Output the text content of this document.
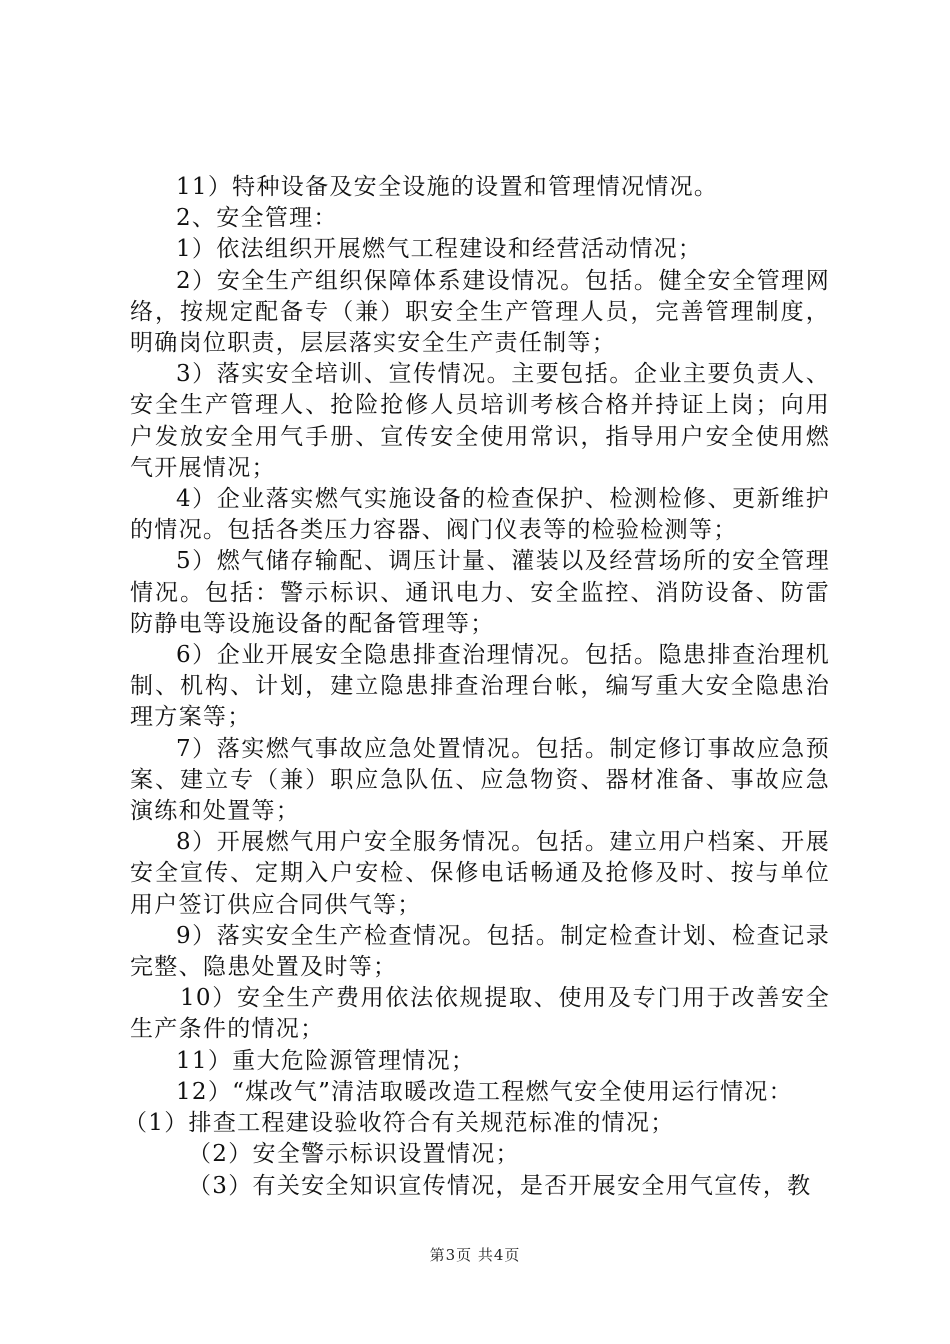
11）特种设备及安全设施的设置和管理情况情况。

2、安全管理：

1）依法组织开展燃气工程建设和经营活动情况；

2）安全生产组织保障体系建设情况。包括。健全安全管理网络，按规定配备专（兼）职安全生产管理人员，完善管理制度，明确岗位职责，层层落实安全生产责任制等；

3）落实安全培训、宣传情况。主要包括。企业主要负责人、安全生产管理人、抢险抢修人员培训考核合格并持证上岗；向用户发放安全用气手册、宣传安全使用常识，指导用户安全使用燃气开展情况；

4）企业落实燃气实施设备的检查保护、检测检修、更新维护的情况。包括各类压力容器、阀门仪表等的检验检测等；

5）燃气储存输配、调压计量、灌装以及经营场所的安全管理情况。包括：警示标识、通讯电力、安全监控、消防设备、防雷防静电等设施设备的配备管理等；

6）企业开展安全隐患排查治理情况。包括。隐患排查治理机制、机构、计划，建立隐患排查治理台帐，编写重大安全隐患治理方案等；

7）落实燃气事故应急处置情况。包括。制定修订事故应急预案、建立专（兼）职应急队伍、应急物资、器材准备、事故应急演练和处置等；

8）开展燃气用户安全服务情况。包括。建立用户档案、开展安全宣传、定期入户安检、保修电话畅通及抢修及时、按与单位用户签订供应合同供气等；

9）落实安全生产检查情况。包括。制定检查计划、检查记录完整、隐患处置及时等；

10）安全生产费用依法依规提取、使用及专门用于改善安全生产条件的情况；

11）重大危险源管理情况；

12）“煤改气”清洁取暖改造工程燃气安全使用运行情况：

（1）排查工程建设验收符合有关规范标准的情况；

（2）安全警示标识设置情况；

（3）有关安全知识宣传情况，是否开展安全用气宣传，教

第3页 共4页
